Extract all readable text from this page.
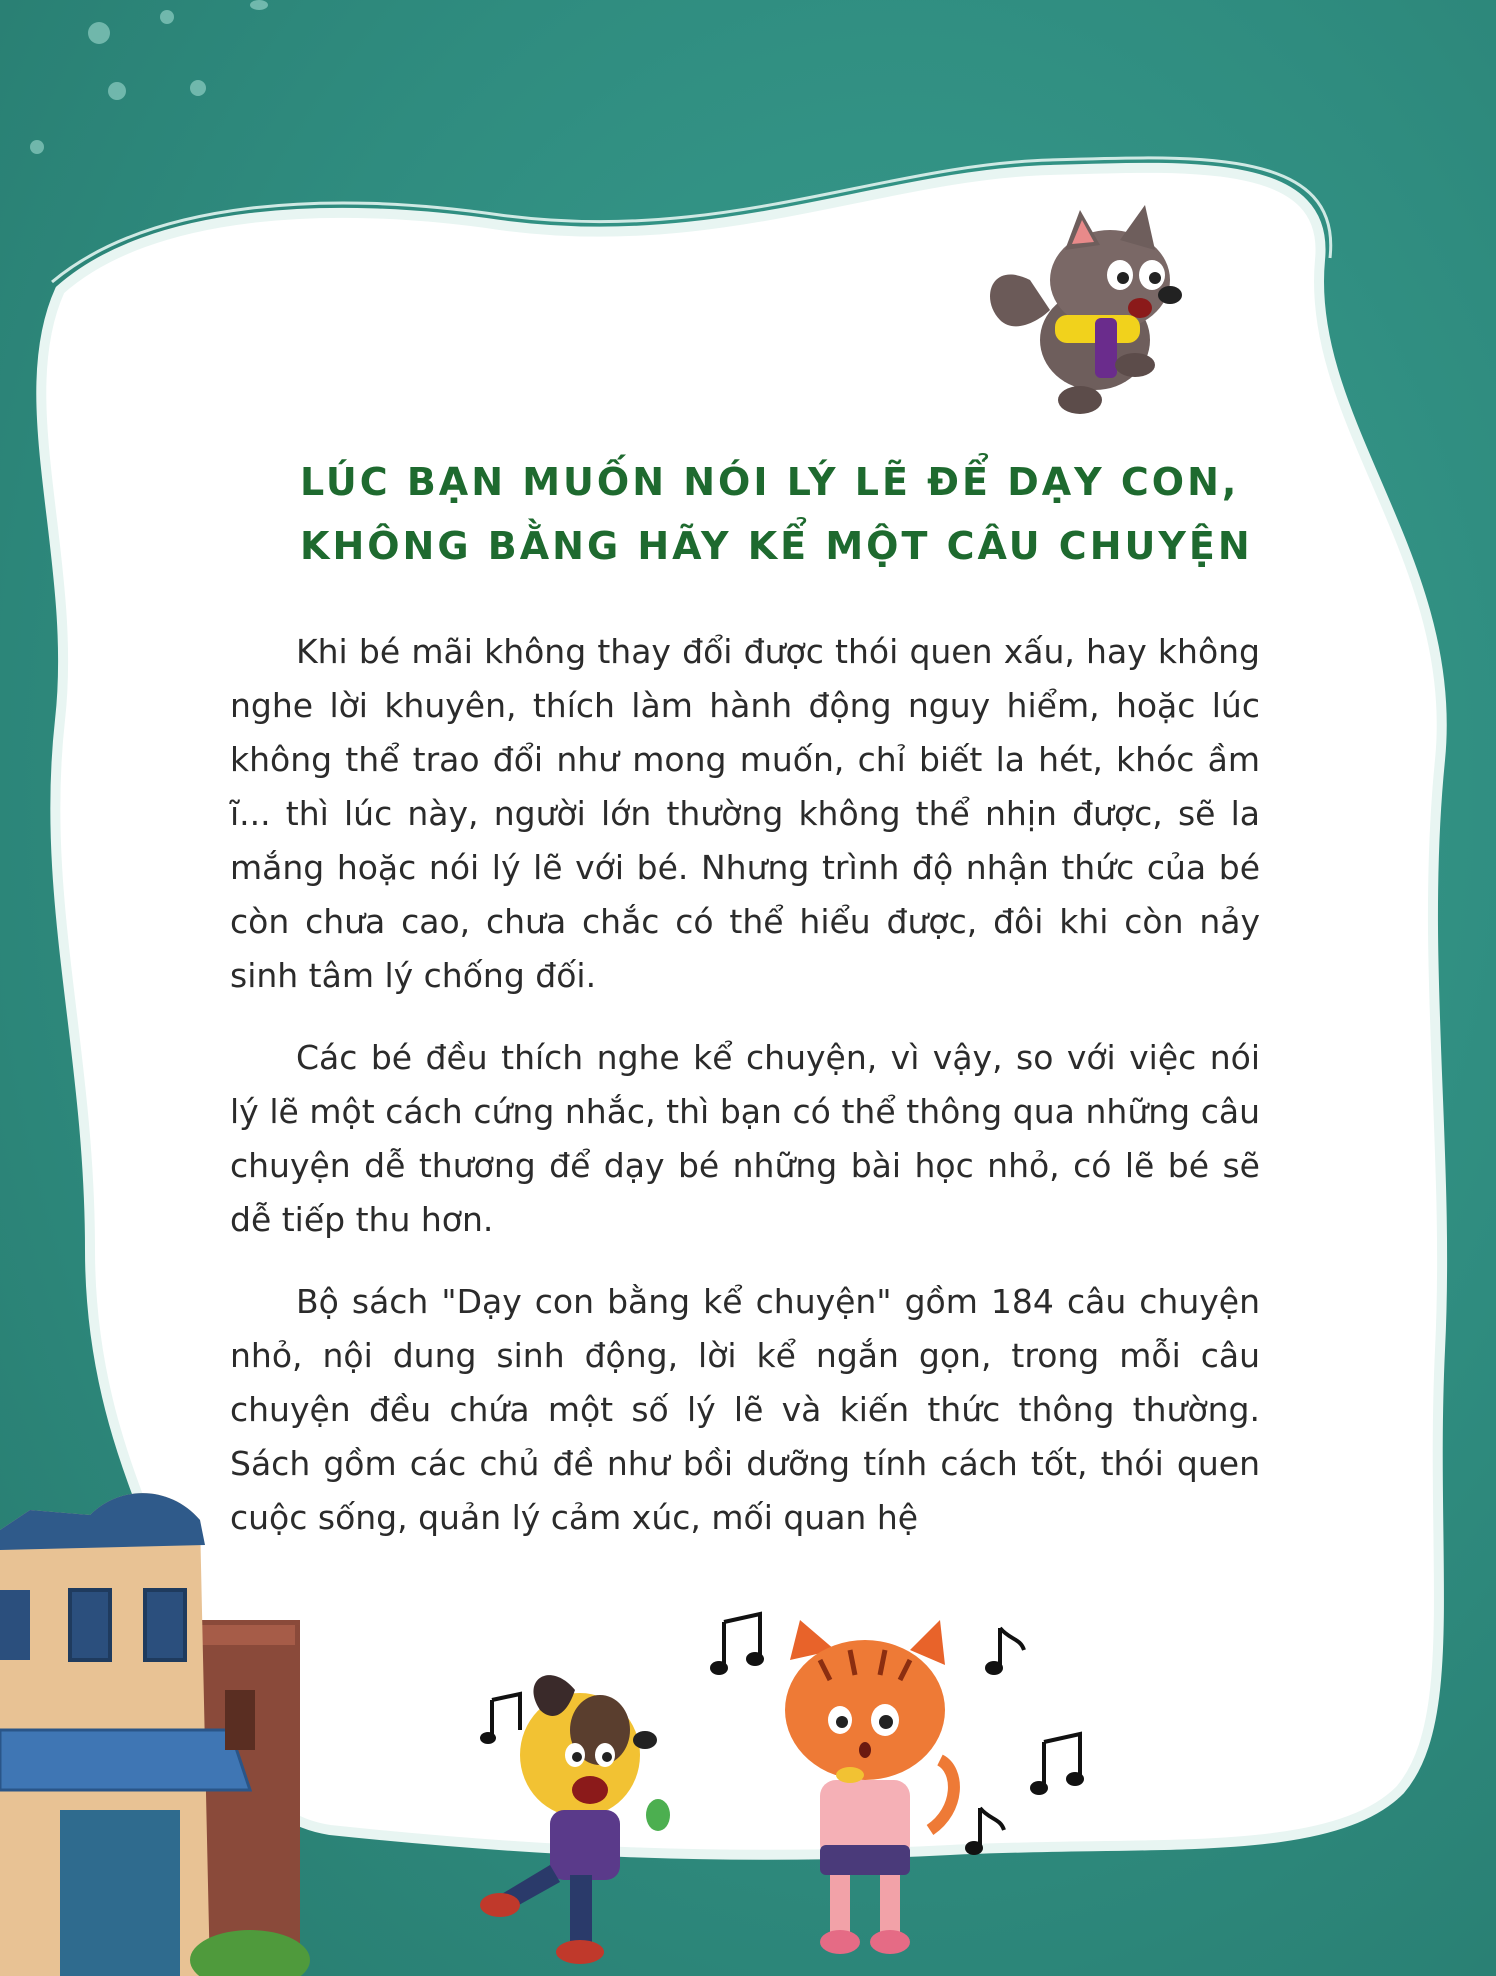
LÚC BẠN MUỐN NÓI LÝ LẼ ĐỂ DẠY CON,
KHÔNG BẰNG HÃY KỂ MỘT CÂU CHUYỆN

Khi bé mãi không thay đổi được thói quen xấu, hay không nghe lời khuyên, thích làm hành động nguy hiểm, hoặc lúc không thể trao đổi như mong muốn, chỉ biết la hét, khóc ầm ĩ... thì lúc này, người lớn thường không thể nhịn được, sẽ la mắng hoặc nói lý lẽ với bé. Nhưng trình độ nhận thức của bé còn chưa cao, chưa chắc có thể hiểu được, đôi khi còn nảy sinh tâm lý chống đối.

Các bé đều thích nghe kể chuyện, vì vậy, so với việc nói lý lẽ một cách cứng nhắc, thì bạn có thể thông qua những câu chuyện dễ thương để dạy bé những bài học nhỏ, có lẽ bé sẽ dễ tiếp thu hơn.

Bộ sách "Dạy con bằng kể chuyện" gồm 184 câu chuyện nhỏ, nội dung sinh động, lời kể ngắn gọn, trong mỗi câu chuyện đều chứa một số lý lẽ và kiến thức thông thường. Sách gồm các chủ đề như bồi dưỡng tính cách tốt, thói quen cuộc sống, quản lý cảm xúc, mối quan hệ
